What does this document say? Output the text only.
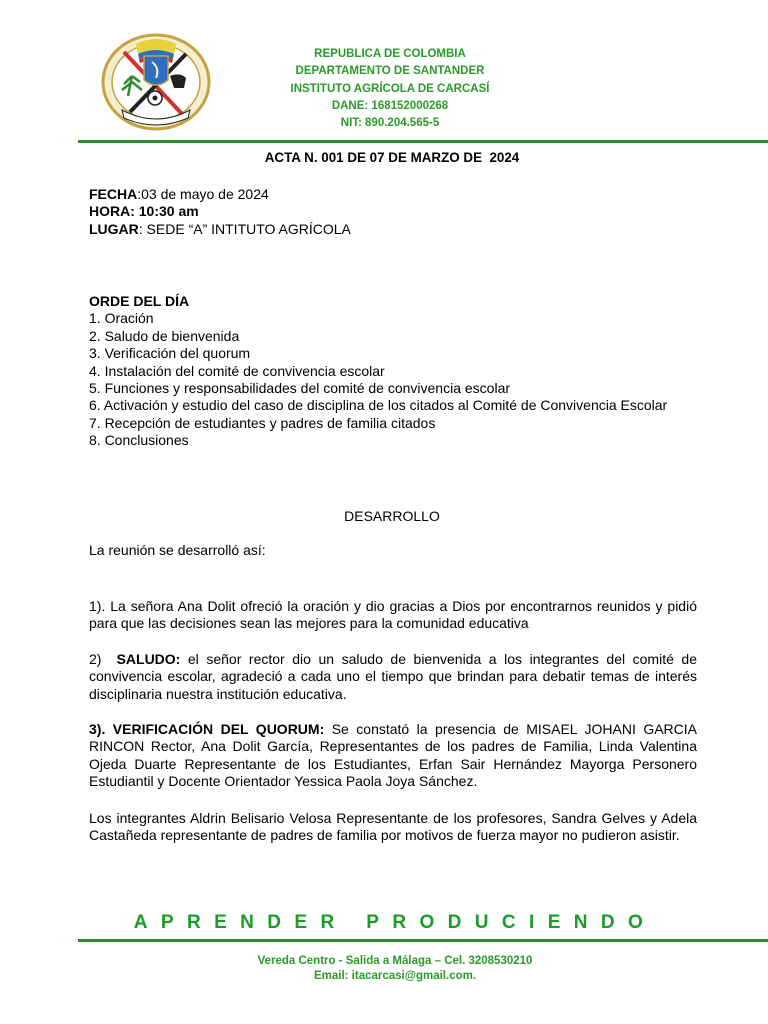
REPUBLICA DE COLOMBIA
DEPARTAMENTO DE SANTANDER
INSTITUTO AGRÍCOLA DE CARCASÍ
DANE: 168152000268
NIT: 890.204.565-5
ACTA N. 001 DE 07 DE MARZO DE  2024
FECHA:03 de mayo de 2024
HORA: 10:30 am
LUGAR: SEDE “A” INTITUTO AGRÍCOLA
ORDE DEL DÍA
1. Oración
2. Saludo de bienvenida
3. Verificación del quorum
4. Instalación del comité de convivencia escolar
5. Funciones y responsabilidades del comité de convivencia escolar
6. Activación y estudio del caso de disciplina de los citados al Comité de Convivencia Escolar
7. Recepción de estudiantes y padres de familia citados
8. Conclusiones
DESARROLLO
La reunión se desarrolló así:
1). La señora Ana Dolit ofreció la oración y dio gracias a Dios por encontrarnos reunidos y pidió para que las decisiones sean las mejores para la comunidad educativa
2)  SALUDO: el señor rector dio un saludo de bienvenida a los integrantes del comité de convivencia escolar, agradeció a cada uno el tiempo que brindan para debatir temas de interés disciplinaria nuestra institución educativa.
3). VERIFICACIÓN DEL QUORUM: Se constató la presencia de MISAEL JOHANI GARCIA RINCON Rector, Ana Dolit García, Representantes de los padres de Familia, Linda Valentina Ojeda Duarte Representante de los Estudiantes, Erfan Sair Hernández Mayorga Personero Estudiantil y Docente Orientador Yessica Paola Joya Sánchez.
Los integrantes Aldrin Belisario Velosa Representante de los profesores, Sandra Gelves y Adela Castañeda representante de padres de familia por motivos de fuerza mayor no pudieron asistir.
APRENDER PRODUCIENDO
Vereda Centro - Salida a Málaga – Cel. 3208530210
Email: itacarcasi@gmail.com.
